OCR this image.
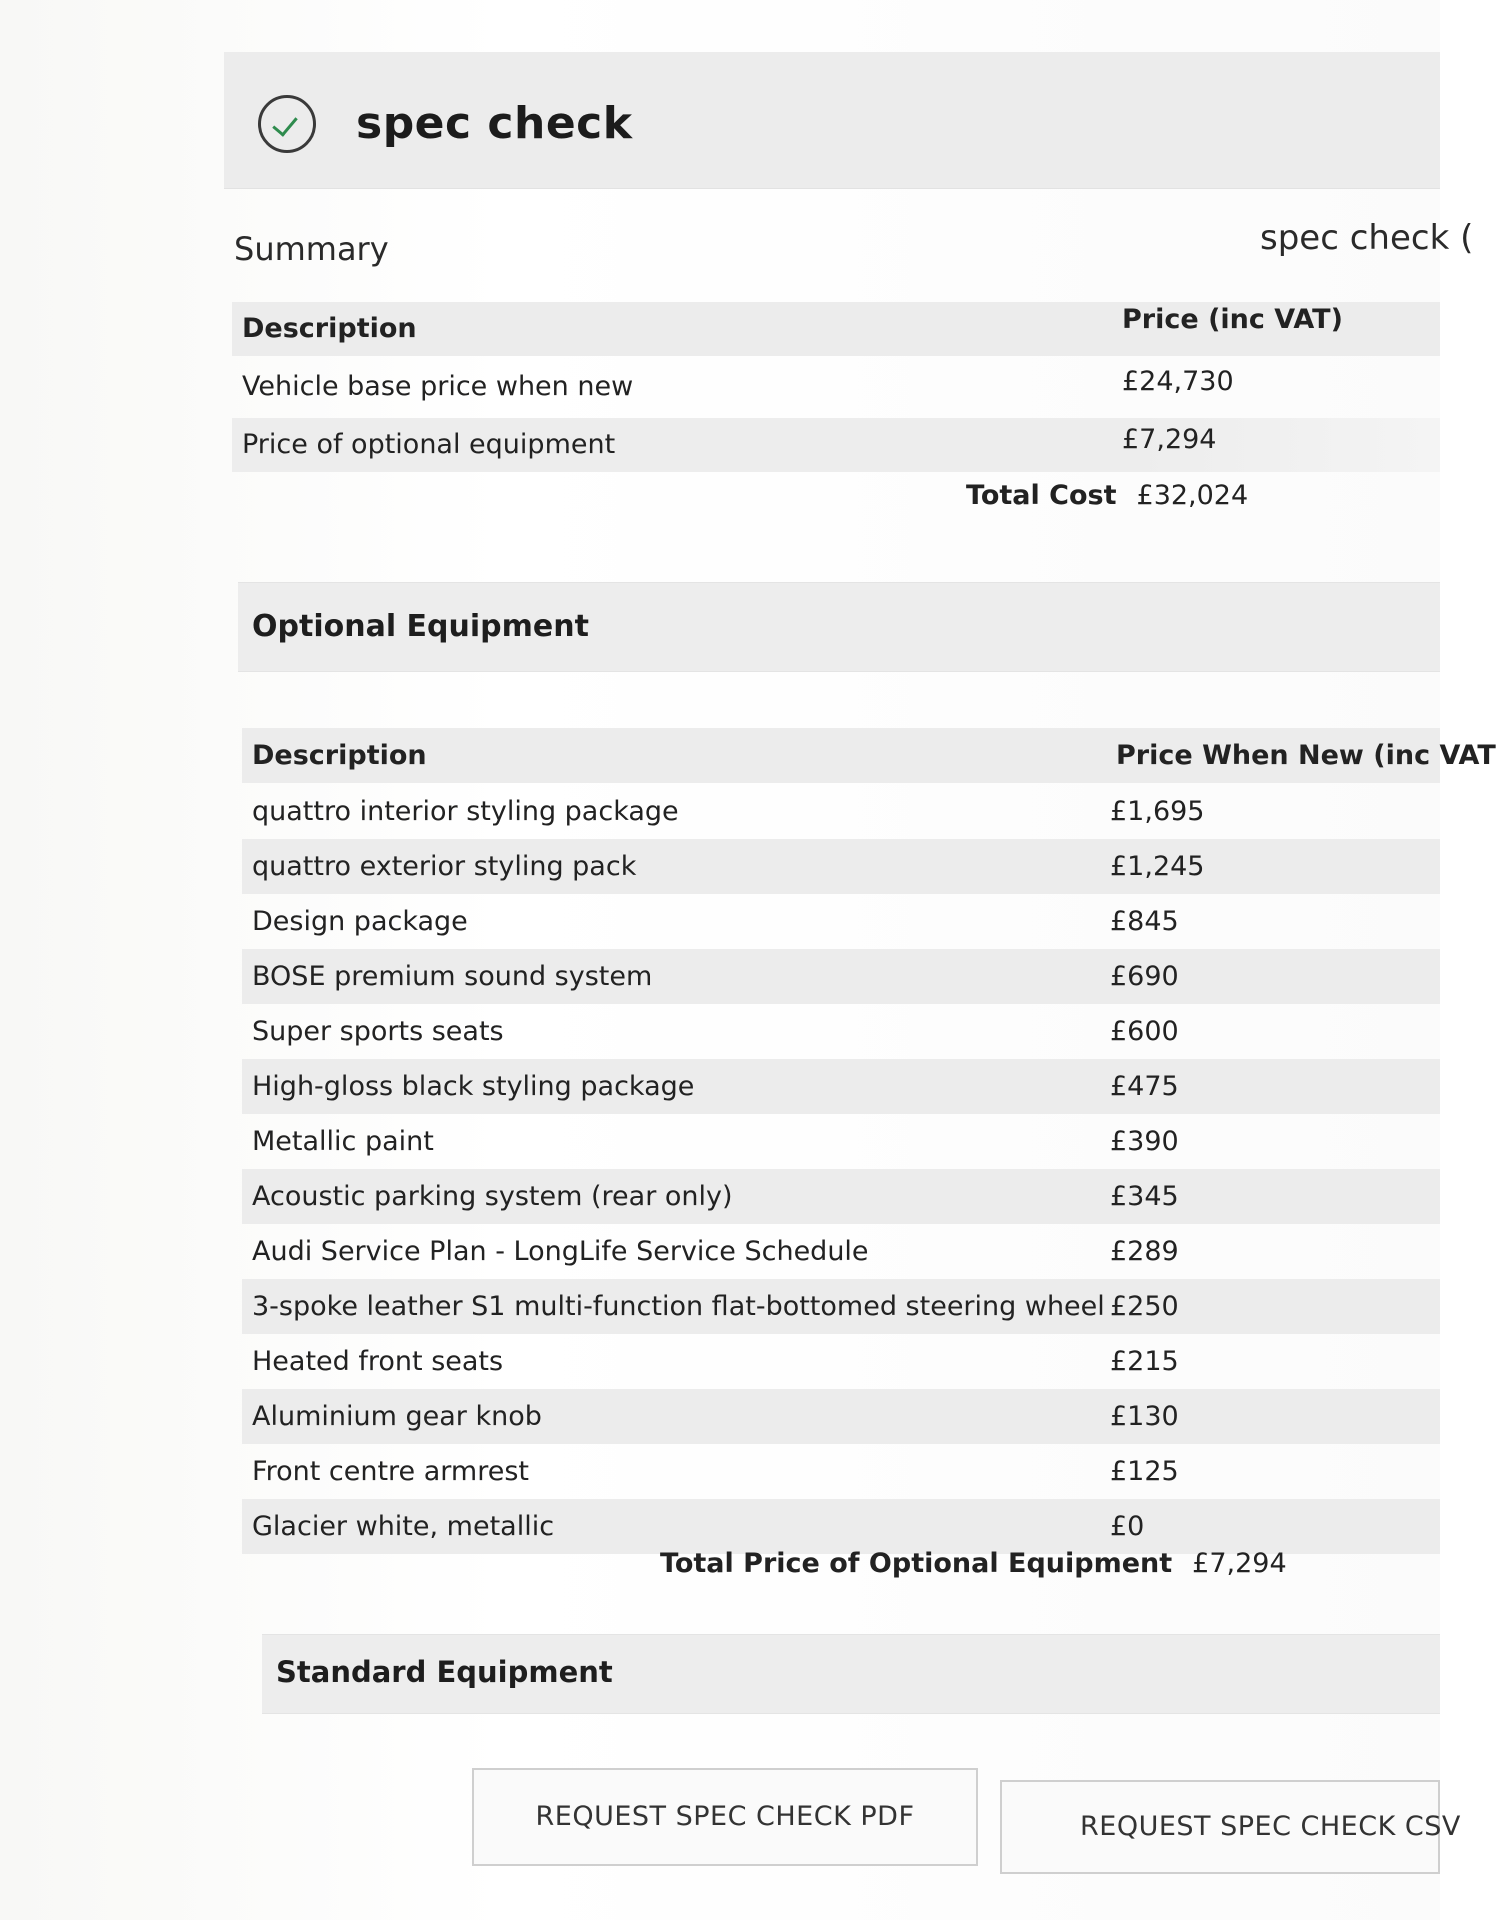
spec check
Summary	spec check (
Description	Price (inc VAT)
Vehicle base price when new	£24,730
Price of optional equipment	£7,294
Total Cost £32,024
Optional Equipment
Description	Price When New (inc VAT
quattro interior styling package	£1,695
quattro exterior styling pack	£1,245
Design package	£845
BOSE premium sound system	£690
Super sports seats	£600
High-gloss black styling package	£475
Metallic paint	£390
Acoustic parking system (rear only)	£345
Audi Service Plan - LongLife Service Schedule	£289
3-spoke leather S1 multi-function flat-bottomed steering wheel £250
Heated front seats	£215
Aluminium gear knob	£130
Front centre armrest	£125
Glacier white, metallic	£0
Total Price of Optional Equipment £7,294
Standard Equipment
REQUEST SPEC CHECK PDF	REQUEST SPEC CHECK CSV
